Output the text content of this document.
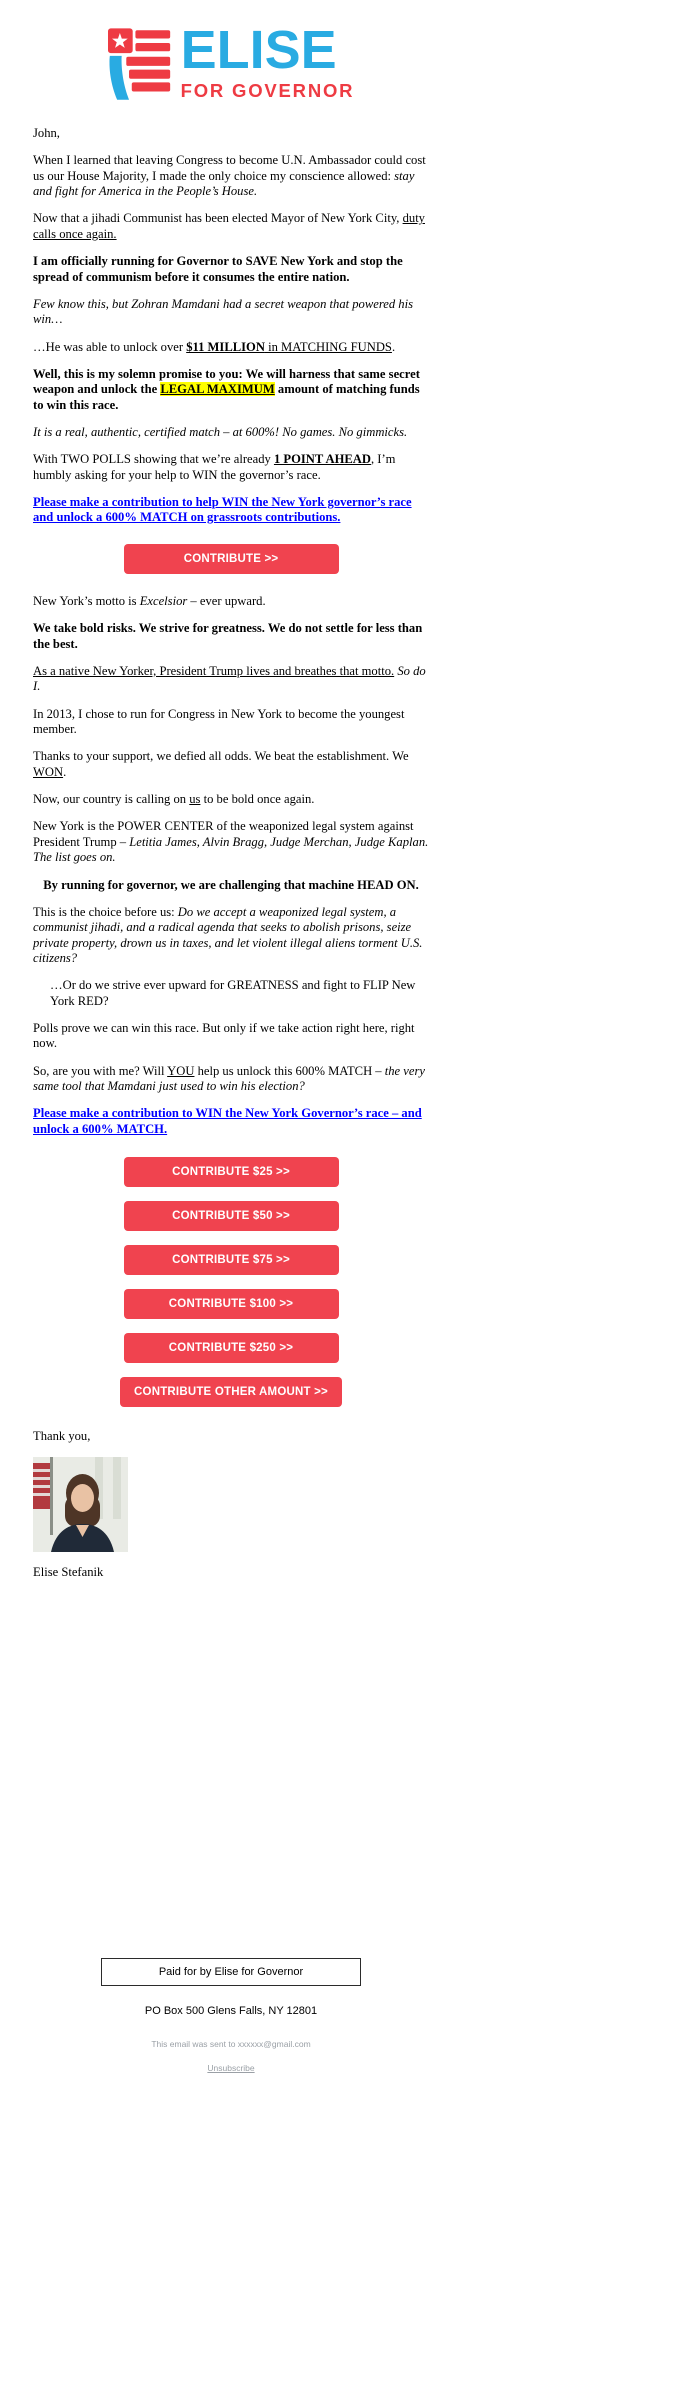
ELISE
FOR GOVERNOR

John,

When I learned that leaving Congress to become U.N. Ambassador could cost us our House Majority, I made the only choice my conscience allowed: stay and fight for America in the People’s House.

Now that a jihadi Communist has been elected Mayor of New York City, duty calls once again.

I am officially running for Governor to SAVE New York and stop the spread of communism before it consumes the entire nation.

Few know this, but Zohran Mamdani had a secret weapon that powered his win…

…He was able to unlock over $11 MILLION in MATCHING FUNDS.

Well, this is my solemn promise to you: We will harness that same secret weapon and unlock the LEGAL MAXIMUM amount of matching funds to win this race.

It is a real, authentic, certified match – at 600%! No games. No gimmicks.

With TWO POLLS showing that we’re already 1 POINT AHEAD, I’m humbly asking for your help to WIN the governor’s race.

Please make a contribution to help WIN the New York governor’s race and unlock a 600% MATCH on grassroots contributions.

CONTRIBUTE >>

New York’s motto is Excelsior – ever upward.

We take bold risks. We strive for greatness. We do not settle for less than the best.

As a native New Yorker, President Trump lives and breathes that motto. So do I.

In 2013, I chose to run for Congress in New York to become the youngest member.

Thanks to your support, we defied all odds. We beat the establishment. We WON.

Now, our country is calling on us to be bold once again.

New York is the POWER CENTER of the weaponized legal system against President Trump – Letitia James, Alvin Bragg, Judge Merchan, Judge Kaplan. The list goes on.

By running for governor, we are challenging that machine HEAD ON.

This is the choice before us: Do we accept a weaponized legal system, a communist jihadi, and a radical agenda that seeks to abolish prisons, seize private property, drown us in taxes, and let violent illegal aliens torment U.S. citizens?

…Or do we strive ever upward for GREATNESS and fight to FLIP New York RED?

Polls prove we can win this race. But only if we take action right here, right now.

So, are you with me? Will YOU help us unlock this 600% MATCH – the very same tool that Mamdani just used to win his election?

Please make a contribution to WIN the New York Governor’s race – and unlock a 600% MATCH.

CONTRIBUTE $25 >>
CONTRIBUTE $50 >>
CONTRIBUTE $75 >>
CONTRIBUTE $100 >>
CONTRIBUTE $250 >>
CONTRIBUTE OTHER AMOUNT >>

Thank you,

Elise Stefanik

Paid for by Elise for Governor
PO Box 500 Glens Falls, NY 12801
This email was sent to xxxxxx@gmail.com
Unsubscribe
